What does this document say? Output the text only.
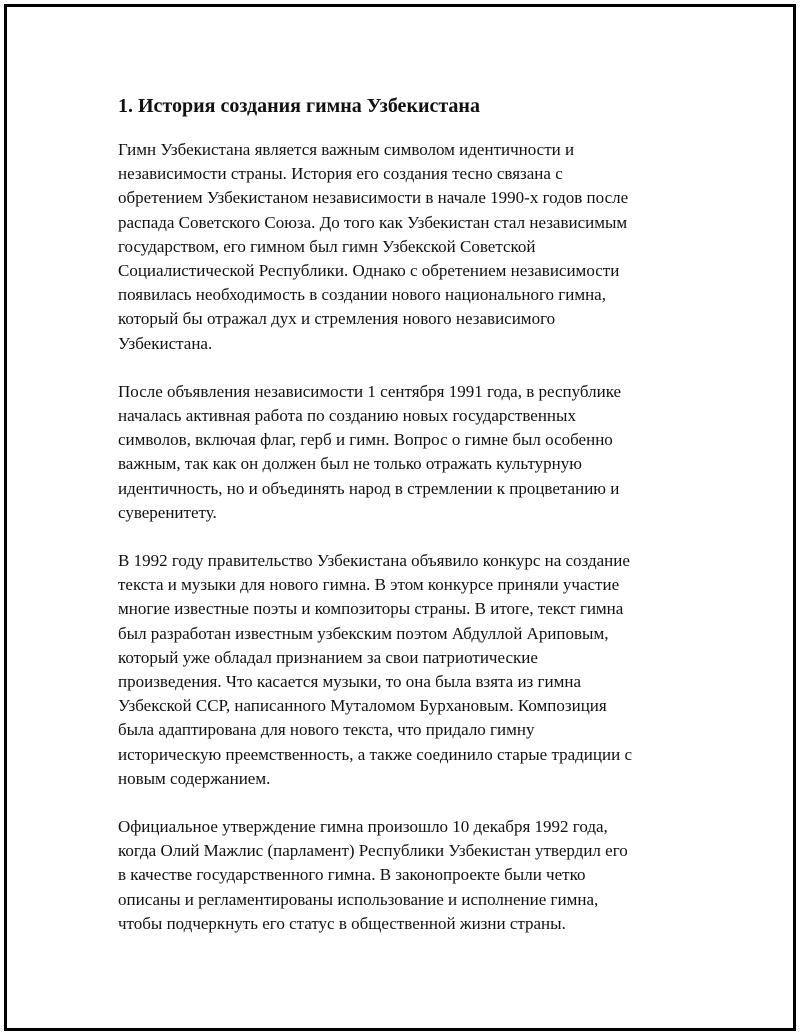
1. История создания гимна Узбекистана

Гимн Узбекистана является важным символом идентичности и
независимости страны. История его создания тесно связана с
обретением Узбекистаном независимости в начале 1990-х годов после
распада Советского Союза. До того как Узбекистан стал независимым
государством, его гимном был гимн Узбекской Советской
Социалистической Республики. Однако с обретением независимости
появилась необходимость в создании нового национального гимна,
который бы отражал дух и стремления нового независимого
Узбекистана.

После объявления независимости 1 сентября 1991 года, в республике
началась активная работа по созданию новых государственных
символов, включая флаг, герб и гимн. Вопрос о гимне был особенно
важным, так как он должен был не только отражать культурную
идентичность, но и объединять народ в стремлении к процветанию и
суверенитету.

В 1992 году правительство Узбекистана объявило конкурс на создание
текста и музыки для нового гимна. В этом конкурсе приняли участие
многие известные поэты и композиторы страны. В итоге, текст гимна
был разработан известным узбекским поэтом Абдуллой Ариповым,
который уже обладал признанием за свои патриотические
произведения. Что касается музыки, то она была взята из гимна
Узбекской ССР, написанного Муталомом Бурхановым. Композиция
была адаптирована для нового текста, что придало гимну
историческую преемственность, а также соединило старые традиции с
новым содержанием.

Официальное утверждение гимна произошло 10 декабря 1992 года,
когда Олий Мажлис (парламент) Республики Узбекистан утвердил его
в качестве государственного гимна. В законопроекте были четко
описаны и регламентированы использование и исполнение гимна,
чтобы подчеркнуть его статус в общественной жизни страны.
